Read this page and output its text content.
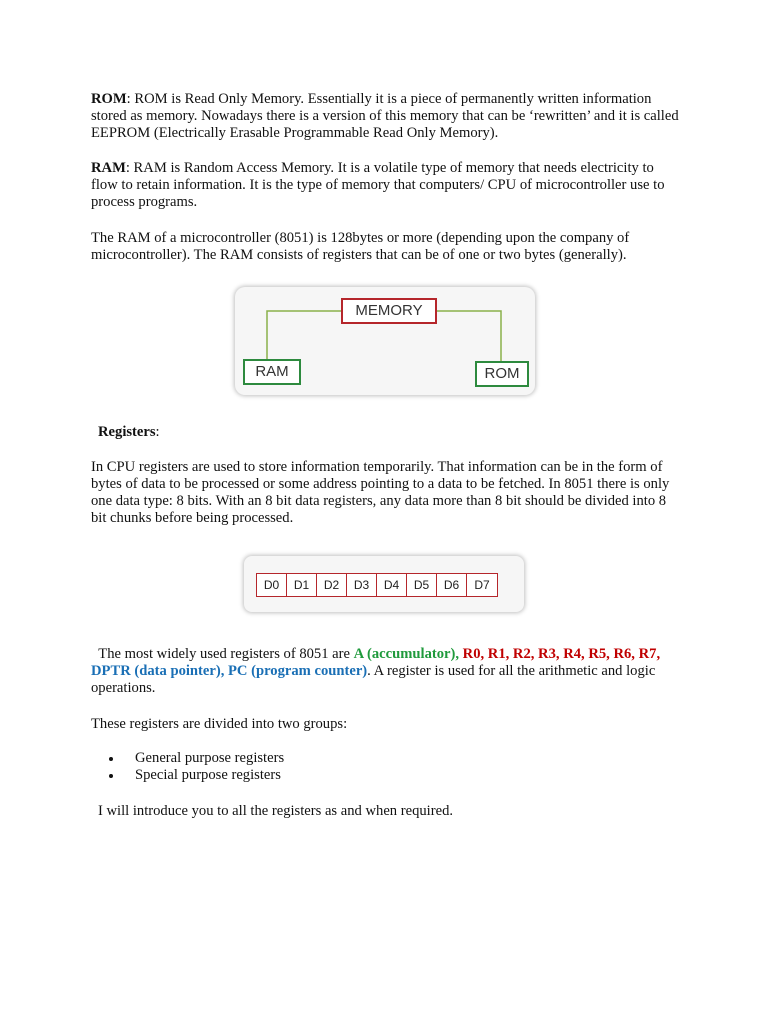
ROM: ROM is Read Only Memory. Essentially it is a piece of permanently written information stored as memory. Nowadays there is a version of this memory that can be ‘rewritten’ and it is called EEPROM (Electrically Erasable Programmable Read Only Memory).

RAM: RAM is Random Access Memory. It is a volatile type of memory that needs electricity to flow to retain information. It is the type of memory that computers/ CPU of microcontroller use to process programs.

The RAM of a microcontroller (8051) is 128bytes or more (depending upon the company of microcontroller). The RAM consists of registers that can be of one or two bytes (generally).

MEMORY
RAM	ROM

Registers:

In CPU registers are used to store information temporarily. That information can be in the form of bytes of data to be processed or some address pointing to a data to be fetched. In 8051 there is only one data type: 8 bits. With an 8 bit data registers, any data more than 8 bit should be divided into 8 bit chunks before being processed.

D0	D1	D2	D3	D4	D5	D6	D7

The most widely used registers of 8051 are A (accumulator), R0, R1, R2, R3, R4, R5, R6, R7, DPTR (data pointer), PC (program counter). A register is used for all the arithmetic and logic operations.

These registers are divided into two groups:

General purpose registers
Special purpose registers

I will introduce you to all the registers as and when required.
